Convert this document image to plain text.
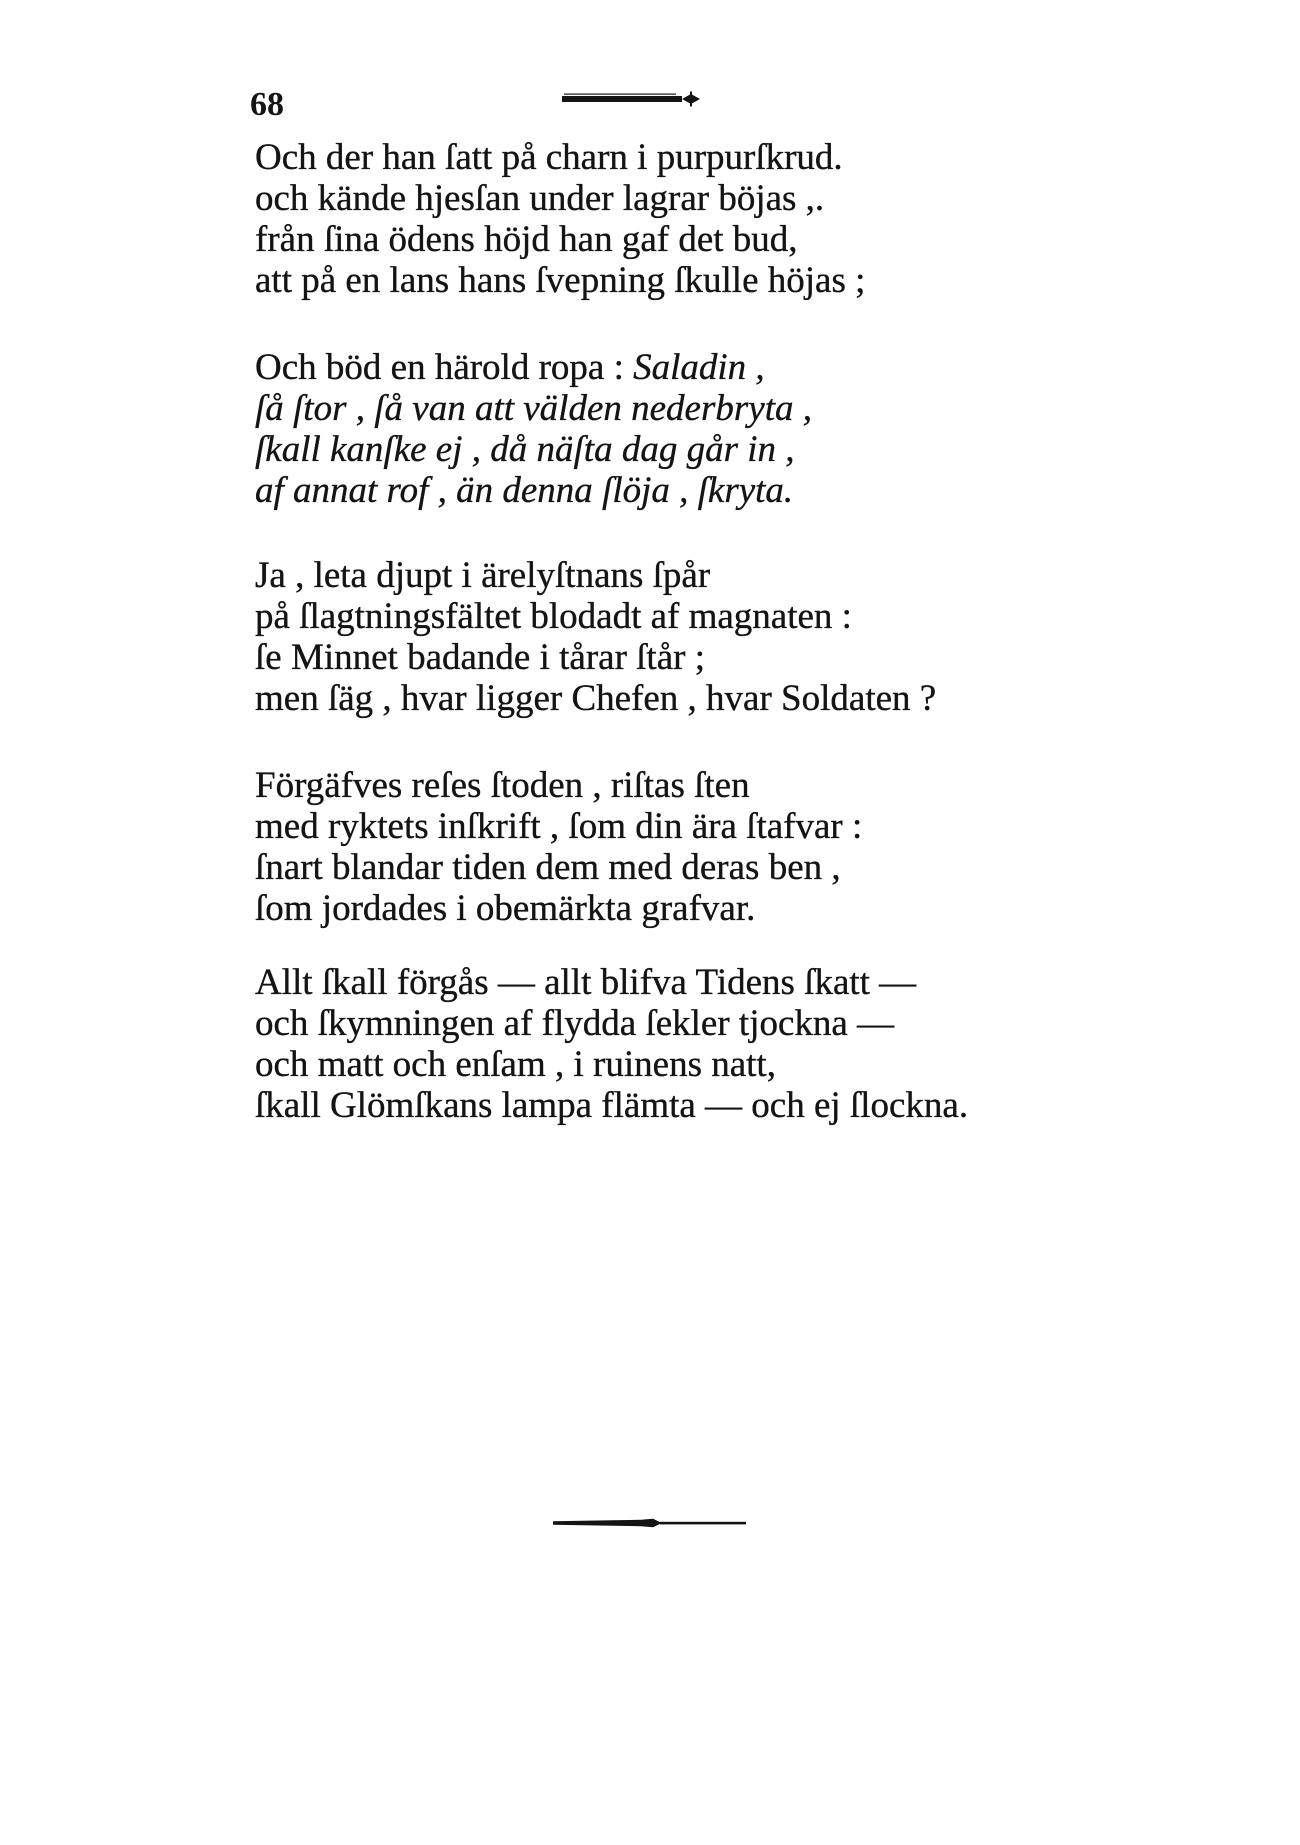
68
Och der han ſatt på charn i purpurſkrud.
och kände hjesſan under lagrar böjas ,.
från ſina ödens höjd han gaf det bud,
att på en lans hans ſvepning ſkulle höjas ;
Och böd en härold ropa : Saladin ,
ſå ſtor , ſå van att välden nederbryta ,
ſkall kanſke ej , då näſta dag går in ,
af annat rof , än denna ſlöja , ſkryta.
Ja , leta djupt i ärelyſtnans ſpår
på ſlagtningsfältet blodadt af magnaten :
ſe Minnet badande i tårar ſtår ;
men ſäg , hvar ligger Chefen , hvar Soldaten ?
Förgäfves reſes ſtoden , riſtas ſten
med ryktets inſkrift , ſom din ära ſtafvar :
ſnart blandar tiden dem med deras ben ,
ſom jordades i obemärkta grafvar.
Allt ſkall förgås — allt blifva Tidens ſkatt —
och ſkymningen af flydda ſekler tjockna —
och matt och enſam , i ruinens natt,
ſkall Glömſkans lampa flämta — och ej ſlockna.
